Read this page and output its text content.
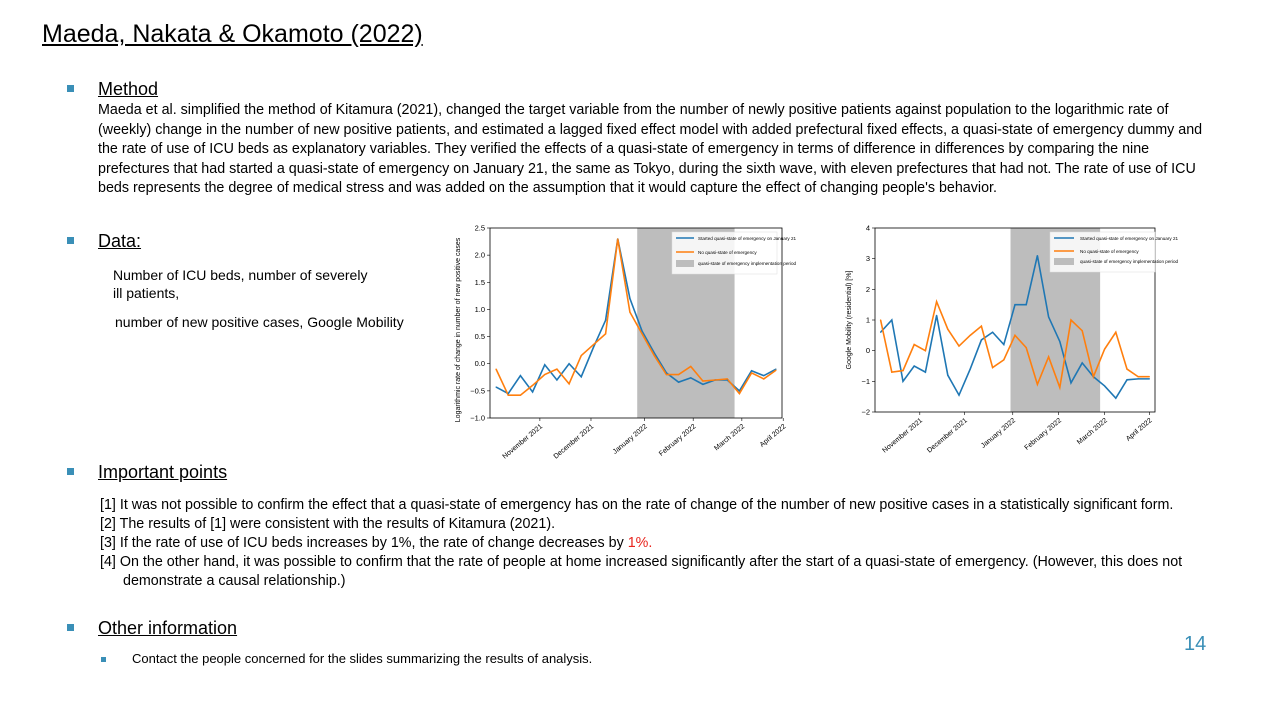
Maeda, Nakata & Okamoto (2022)
Method
Maeda et al. simplified the method of Kitamura (2021), changed the target variable from the number of newly positive patients against population to the logarithmic rate of (weekly) change in the number of new positive patients, and estimated a lagged fixed effect model with added prefectural fixed effects, a quasi-state of emergency dummy and the rate of use of ICU beds as explanatory variables. They verified the effects of a quasi-state of emergency in terms of difference in differences by comparing the nine prefectures that had started a quasi-state of emergency on January 21, the same as Tokyo, during the sixth wave, with eleven prefectures that had not. The rate of use of ICU beds represents the degree of medical stress and was added on the assumption that it would capture the effect of changing people's behavior.
Data:
Number of ICU beds, number of severely
ill patients,
number of new positive cases, Google Mobility
2.5
2.0
1.5
1.0
0.5
0.0
−0.5
−1.0
November 2021 December 2021 January 2022 February 2022 March 2022 April 2022
Logarithmic rate of change in number of new positive cases	Started quasi-state of emergency on January 21
No quasi-state of emergency
quasi-state of emergency implementation period
4
3
2
1
0
−1
−2
November 2021 December 2021 January 2022 February 2022 March 2022 April 2022
Google Mobility (residential) [%]
Started quasi-state of emergency on January 21
No quasi-state of emergency
quasi-state of emergency implementation period
Important points

[1] It was not possible to confirm the effect that a quasi-state of emergency has on the rate of change of the number of new positive cases in a statistically significant form.

[2] The results of [1] were consistent with the results of Kitamura (2021).

[3] If the rate of use of ICU beds increases by 1%, the rate of change decreases by 1%.

[4] On the other hand, it was possible to confirm that the rate of people at home increased significantly after the start of a quasi-state of emergency. (However, this does not demonstrate a causal relationship.)

Other information
Contact the people concerned for the slides summarizing the results of analysis.
14
